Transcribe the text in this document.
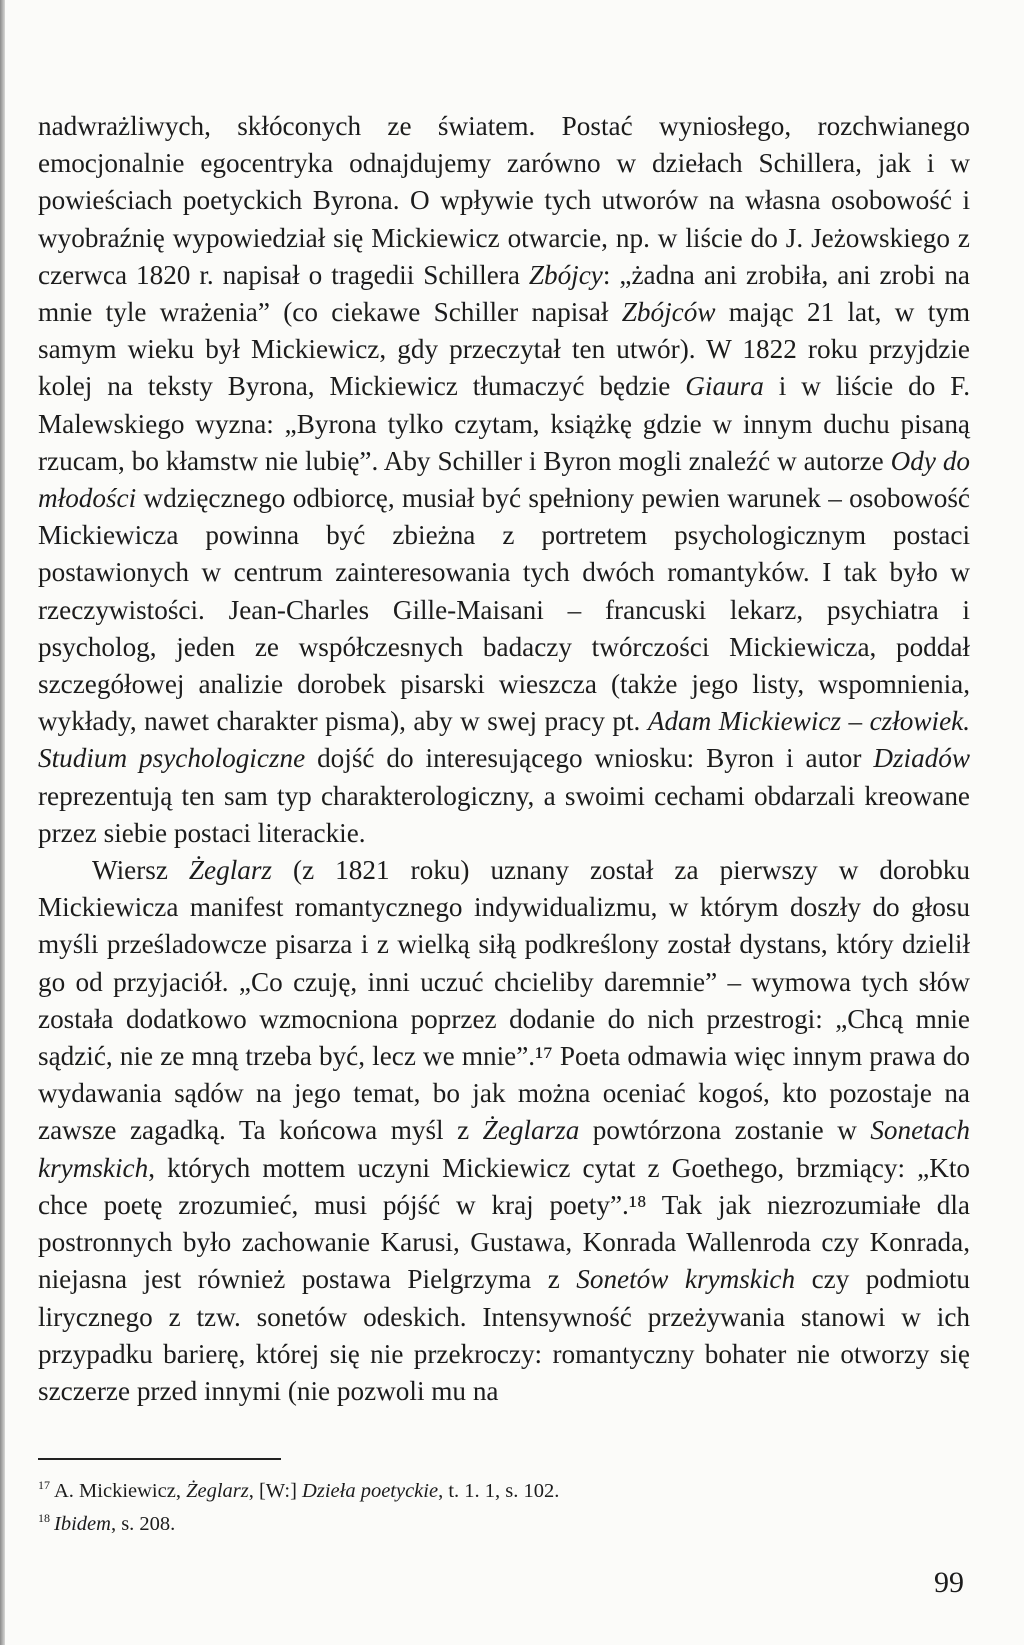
nadwrażliwych, skłóconych ze światem. Postać wyniosłego, rozchwianego emocjonalnie egocentryka odnajdujemy zarówno w dziełach Schillera, jak i w powieściach poetyckich Byrona. O wpływie tych utworów na własna osobowość i wyobraźnię wypowiedział się Mickiewicz otwarcie, np. w liście do J. Jeżowskiego z czerwca 1820 r. napisał o tragedii Schillera Zbójcy: „żadna ani zrobiła, ani zrobi na mnie tyle wrażenia” (co ciekawe Schiller napisał Zbójców mając 21 lat, w tym samym wieku był Mickiewicz, gdy przeczytał ten utwór). W 1822 roku przyjdzie kolej na teksty Byrona, Mickiewicz tłumaczyć będzie Giaura i w liście do F. Malewskiego wyzna: „Byrona tylko czytam, książkę gdzie w innym duchu pisaną rzucam, bo kłamstw nie lubię”. Aby Schiller i Byron mogli znaleźć w autorze Ody do młodości wdzięcznego odbiorcę, musiał być spełniony pewien warunek – osobowość Mickiewicza powinna być zbieżna z portretem psychologicznym postaci postawionych w centrum zainteresowania tych dwóch romantyków. I tak było w rzeczywistości. Jean-Charles Gille-Maisani – francuski lekarz, psychiatra i psycholog, jeden ze współczesnych badaczy twórczości Mickiewicza, poddał szczegółowej analizie dorobek pisarski wieszcza (także jego listy, wspomnienia, wykłady, nawet charakter pisma), aby w swej pracy pt. Adam Mickiewicz – człowiek. Studium psychologiczne dojść do interesującego wniosku: Byron i autor Dziadów reprezentują ten sam typ charakterologiczny, a swoimi cechami obdarzali kreowane przez siebie postaci literackie.

Wiersz Żeglarz (z 1821 roku) uznany został za pierwszy w dorobku Mickiewicza manifest romantycznego indywidualizmu, w którym doszły do głosu myśli prześladowcze pisarza i z wielką siłą podkreślony został dystans, który dzielił go od przyjaciół. „Co czuję, inni uczuć chcieliby daremnie” – wymowa tych słów została dodatkowo wzmocniona poprzez dodanie do nich przestrogi: „Chcą mnie sądzić, nie ze mną trzeba być, lecz we mnie”.¹⁷ Poeta odmawia więc innym prawa do wydawania sądów na jego temat, bo jak można oceniać kogoś, kto pozostaje na zawsze zagadką. Ta końcowa myśl z Żeglarza powtórzona zostanie w Sonetach krymskich, których mottem uczyni Mickiewicz cytat z Goethego, brzmiący: „Kto chce poetę zrozumieć, musi pójść w kraj poety”.¹⁸ Tak jak niezrozumiałe dla postronnych było zachowanie Karusi, Gustawa, Konrada Wallenroda czy Konrada, niejasna jest również postawa Pielgrzyma z Sonetów krymskich czy podmiotu lirycznego z tzw. sonetów odeskich. Intensywność przeżywania stanowi w ich przypadku barierę, której się nie przekroczy: romantyczny bohater nie otworzy się szczerze przed innymi (nie pozwoli mu na

$^{17}$ A. Mickiewicz, Żeglarz, [W:] Dzieła poetyckie, t. 1. 1, s. 102.

$^{18}$ Ibidem, s. 208.

99
